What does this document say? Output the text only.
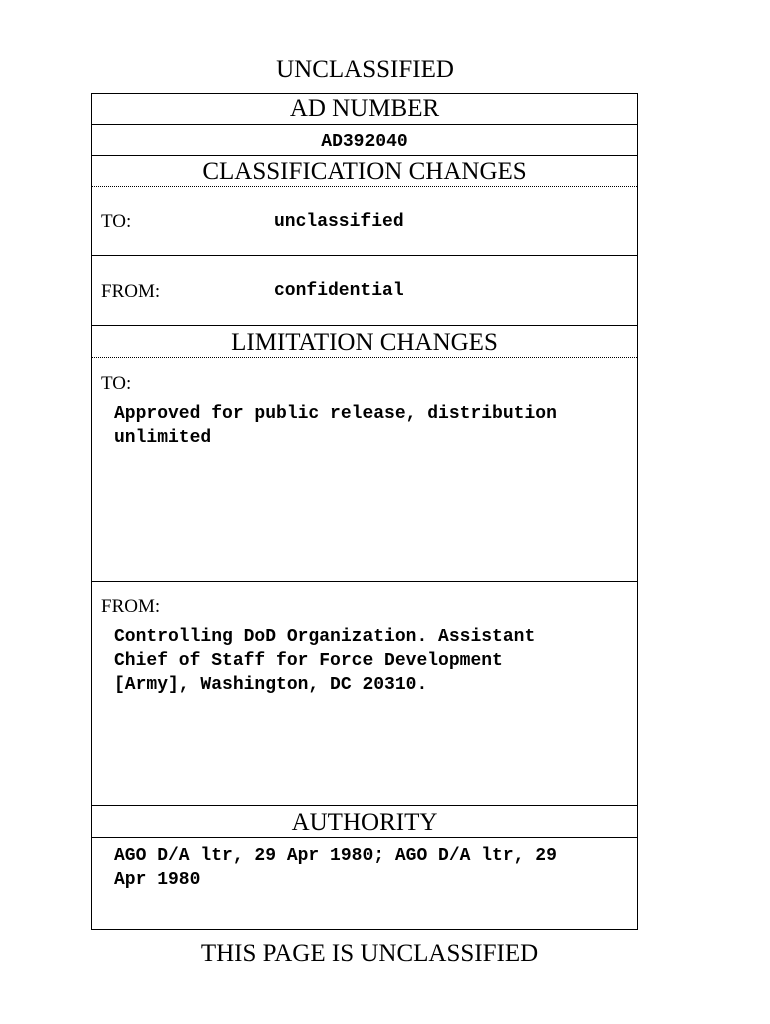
UNCLASSIFIED
AD NUMBER
AD392040
CLASSIFICATION CHANGES
TO:	unclassified
FROM:	confidential
LIMITATION CHANGES
TO:
Approved for public release, distribution
unlimited
FROM:
Controlling DoD Organization. Assistant
Chief of Staff for Force Development
[Army], Washington, DC 20310.
AUTHORITY
AGO D/A ltr, 29 Apr 1980; AGO D/A ltr, 29
Apr 1980
THIS PAGE IS UNCLASSIFIED
